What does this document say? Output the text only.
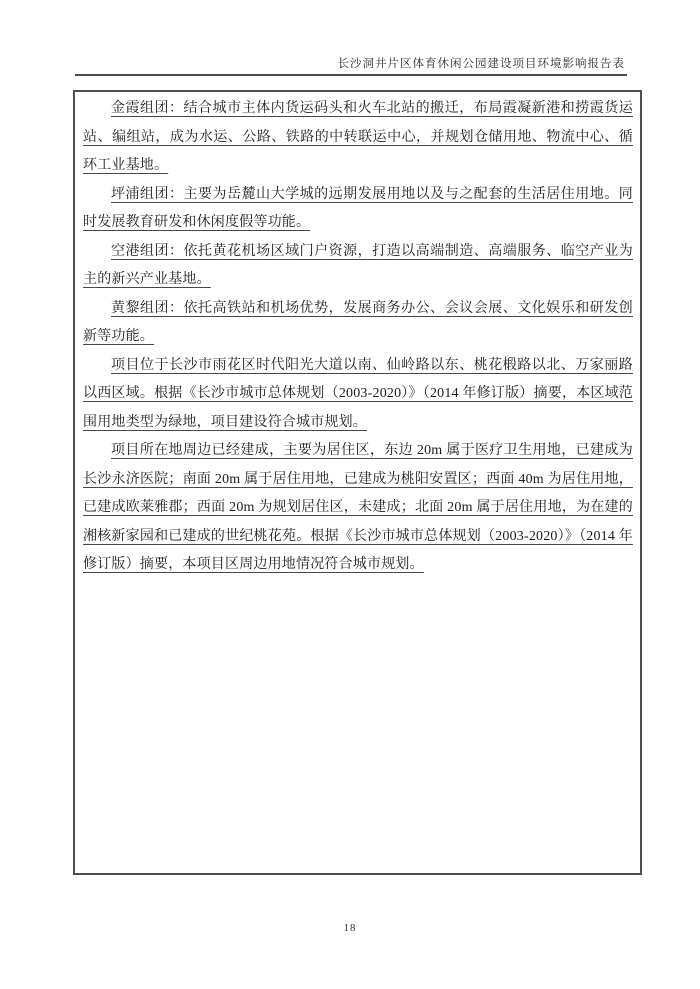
长沙洞井片区体育休闲公园建设项目环境影响报告表

金霞组团：结合城市主体内货运码头和火车北站的搬迁，布局霞凝新港和捞霞货运站、编组站，成为水运、公路、铁路的中转联运中心，并规划仓储用地、物流中心、循环工业基地。

坪浦组团：主要为岳麓山大学城的远期发展用地以及与之配套的生活居住用地。同时发展教育研发和休闲度假等功能。

空港组团：依托黄花机场区域门户资源，打造以高端制造、高端服务、临空产业为主的新兴产业基地。

黄黎组团：依托高铁站和机场优势，发展商务办公、会议会展、文化娱乐和研发创新等功能。

项目位于长沙市雨花区时代阳光大道以南、仙岭路以东、桃花椴路以北、万家丽路以西区域。根据《长沙市城市总体规划（2003-2020）》（2014 年修订版）摘要，本区域范围用地类型为绿地，项目建设符合城市规划。

项目所在地周边已经建成，主要为居住区，东边 20m 属于医疗卫生用地，已建成为长沙永济医院；南面 20m 属于居住用地，已建成为桃阳安置区；西面 40m 为居住用地，已建成欧莱雅郡；西面 20m 为规划居住区，未建成；北面 20m 属于居住用地，为在建的湘核新家园和已建成的世纪桃花苑。根据《长沙市城市总体规划（2003-2020）》（2014 年修订版）摘要，本项目区周边用地情况符合城市规划。

18
